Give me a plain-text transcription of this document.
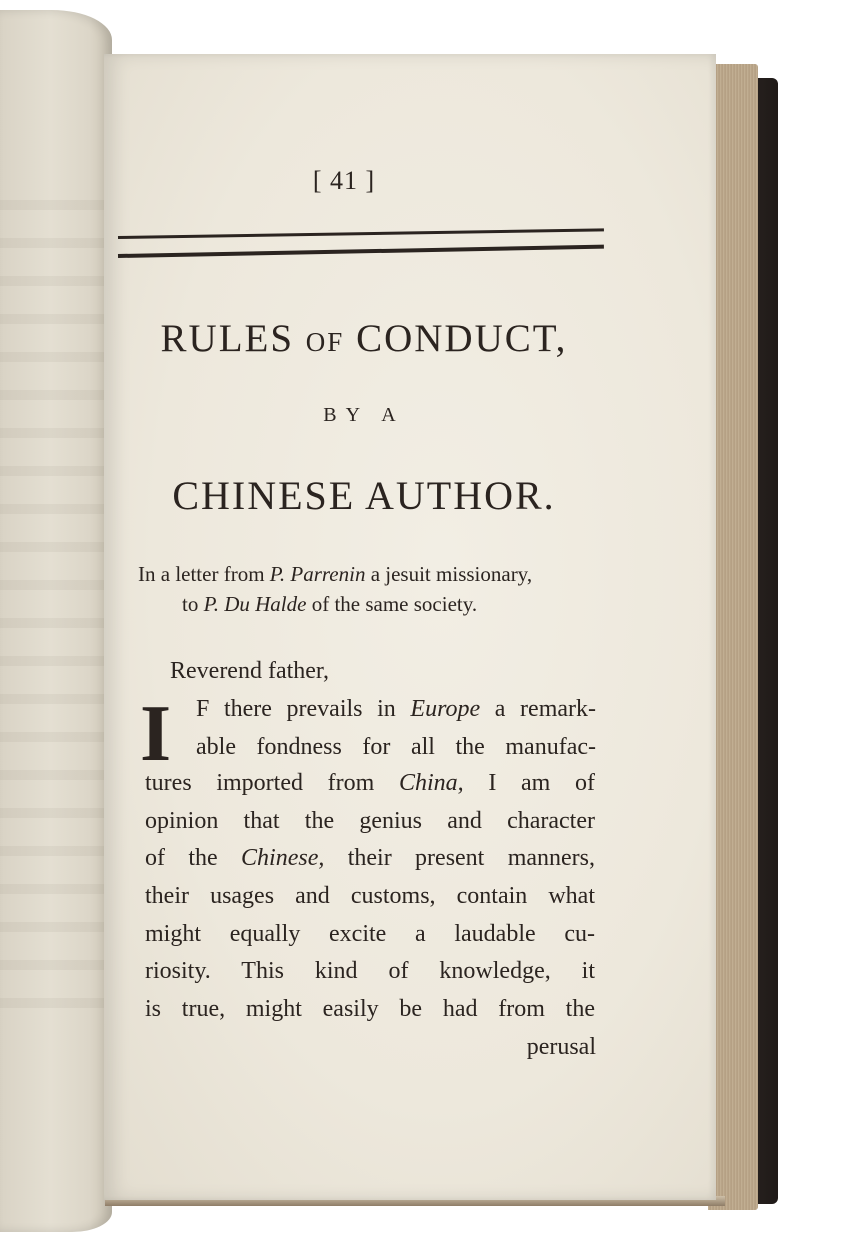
[ 41 ]
RULES of CONDUCT,
BY A
CHINESE AUTHOR.
In a letter from P. Parrenin a jesuit missionary,
to P. Du Halde of the same society.
Reverend father,
I F there prevails in Europe a remark-
able fondness for all the manufac-
tures imported from China, I am of
opinion that the genius and character
of the Chinese, their present manners,
their usages and customs, contain what
might equally excite a laudable cu-
riosity. This kind of knowledge, it
is true, might easily be had from the
perusal
